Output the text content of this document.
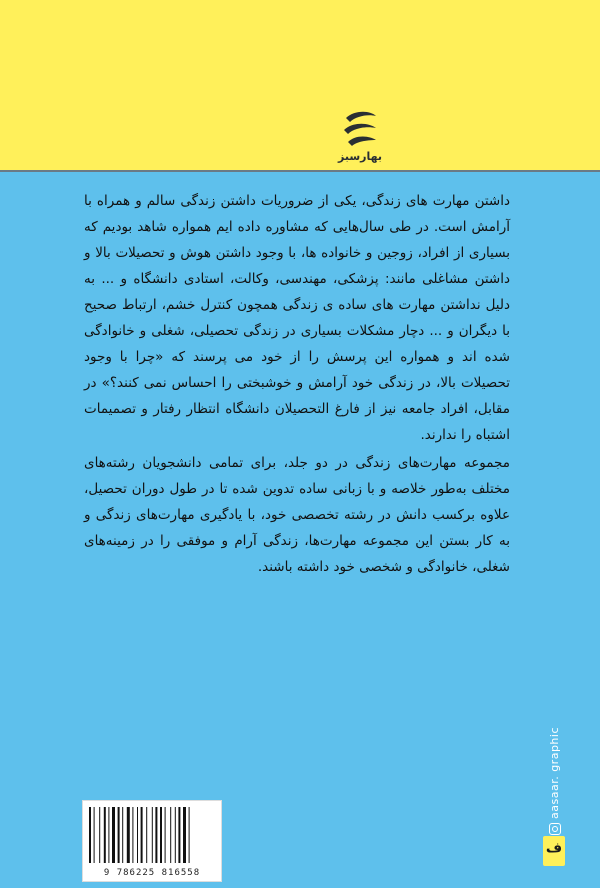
بهارسبز

داشتن مهارت های زندگی، یکی از ضروریات داشتن زندگی سالم و همراه با آرامش است. در طی سال‌هایی که مشاوره داده ایم همواره شاهد بودیم که بسیاری از افراد، زوجین و خانواده ها، با وجود داشتن هوش و تحصیلات بالا و داشتن مشاغلی مانند: پزشکی، مهندسی، وکالت، استادی دانشگاه و ... به دلیل نداشتن مهارت های ساده ی زندگی همچون کنترل خشم، ارتباط صحیح با دیگران و ... دچار مشکلات بسیاری در زندگی تحصیلی، شغلی و خانوادگی شده اند و همواره این پرسش را از خود می پرسند که «چرا با وجود تحصیلات بالا، در زندگی خود آرامش و خوشبختی را احساس نمی کنند؟» در مقابل، افراد جامعه نیز از فارغ التحصیلان دانشگاه انتظار رفتار و تصمیمات اشتباه را ندارند.

مجموعه مهارت‌های زندگی در دو جلد، برای تمامی دانشجویان رشته‌های مختلف به‌طور خلاصه و با زبانی ساده تدوین شده تا در طول دوران تحصیل، علاوه برکسب دانش در رشته تخصصی خود، با یادگیری مهارت‌های زندگی و به کار بستن این مجموعه مهارت‌ها، زندگی آرام و موفقی را در زمینه‌های شغلی، خانوادگی و شخصی خود داشته باشند.

9 786225 816558
aasaar. graphic
ف
